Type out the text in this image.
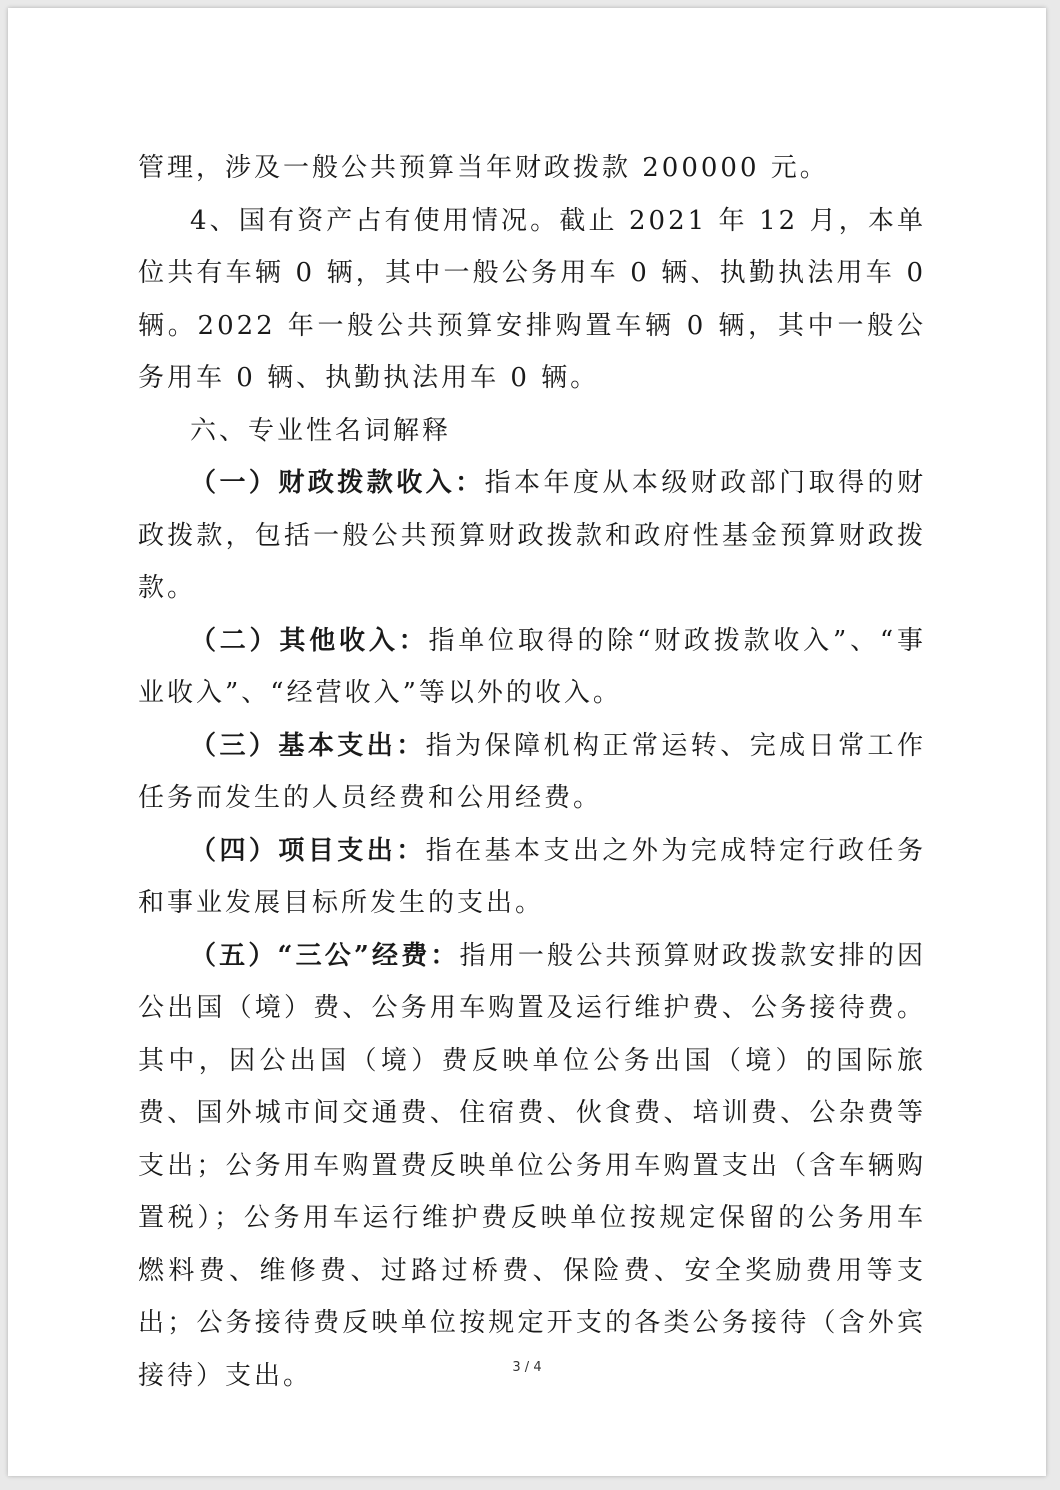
管理，涉及一般公共预算当年财政拨款 200000 元。

4、国有资产占有使用情况。截止 2021 年 12 月，本单位共有车辆 0 辆，其中一般公务用车 0 辆、执勤执法用车 0 辆。2022 年一般公共预算安排购置车辆 0 辆，其中一般公务用车 0 辆、执勤执法用车 0 辆。

六、专业性名词解释

（一）财政拨款收入：指本年度从本级财政部门取得的财政拨款，包括一般公共预算财政拨款和政府性基金预算财政拨款。

（二）其他收入：指单位取得的除“财政拨款收入”、“事业收入”、“经营收入”等以外的收入。

（三）基本支出：指为保障机构正常运转、完成日常工作任务而发生的人员经费和公用经费。

（四）项目支出：指在基本支出之外为完成特定行政任务和事业发展目标所发生的支出。

（五）“三公”经费：指用一般公共预算财政拨款安排的因公出国（境）费、公务用车购置及运行维护费、公务接待费。其中，因公出国（境）费反映单位公务出国（境）的国际旅费、国外城市间交通费、住宿费、伙食费、培训费、公杂费等支出；公务用车购置费反映单位公务用车购置支出（含车辆购置税）；公务用车运行维护费反映单位按规定保留的公务用车燃料费、维修费、过路过桥费、保险费、安全奖励费用等支出；公务接待费反映单位按规定开支的各类公务接待（含外宾接待）支出。	3 / 4
